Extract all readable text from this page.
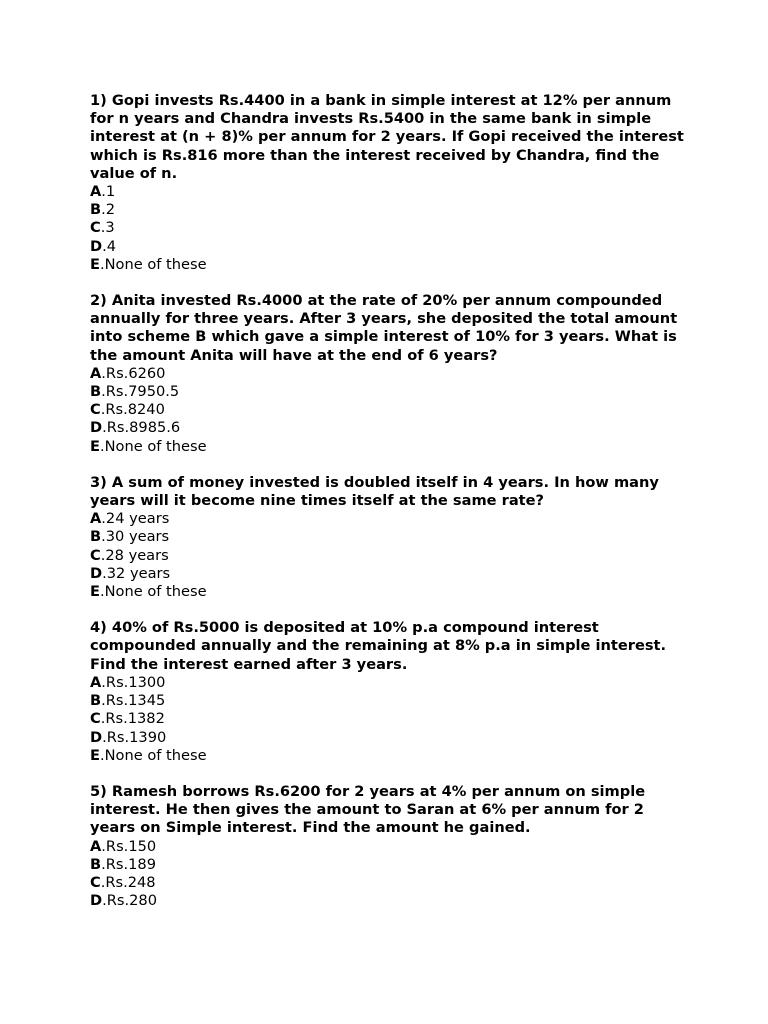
1) Gopi invests Rs.4400 in a bank in simple interest at 12% per annum for n years and Chandra invests Rs.5400 in the same bank in simple interest at (n + 8)% per annum for 2 years. If Gopi received the interest which is Rs.816 more than the interest received by Chandra, find the value of n.

A.1
B.2
C.3
D.4
E.None of these

2) Anita invested Rs.4000 at the rate of 20% per annum compounded annually for three years. After 3 years, she deposited the total amount into scheme B which gave a simple interest of 10% for 3 years. What is the amount Anita will have at the end of 6 years?

A.Rs.6260
B.Rs.7950.5
C.Rs.8240
D.Rs.8985.6
E.None of these

3) A sum of money invested is doubled itself in 4 years. In how many years will it become nine times itself at the same rate?

A.24 years
B.30 years
C.28 years
D.32 years
E.None of these

4) 40% of Rs.5000 is deposited at 10% p.a compound interest compounded annually and the remaining at 8% p.a in simple interest. Find the interest earned after 3 years.

A.Rs.1300
B.Rs.1345
C.Rs.1382
D.Rs.1390
E.None of these

5) Ramesh borrows Rs.6200 for 2 years at 4% per annum on simple interest. He then gives the amount to Saran at 6% per annum for 2 years on Simple interest. Find the amount he gained.

A.Rs.150
B.Rs.189
C.Rs.248
D.Rs.280
